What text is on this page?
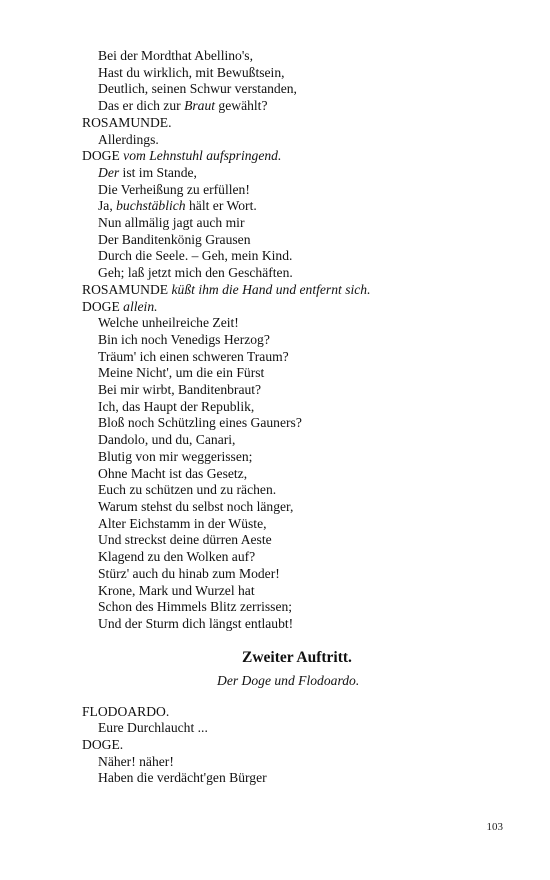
Bei der Mordthat Abellino's,
Hast du wirklich, mit Bewußtsein,
Deutlich, seinen Schwur verstanden,
Das er dich zur Braut gewählt?
ROSAMUNDE.
Allerdings.
DOGE vom Lehnstuhl aufspringend.
Der ist im Stande,
Die Verheißung zu erfüllen!
Ja, buchstäblich hält er Wort.
Nun allmälig jagt auch mir
Der Banditenkönig Grausen
Durch die Seele. – Geh, mein Kind.
Geh; laß jetzt mich den Geschäften.
ROSAMUNDE küßt ihm die Hand und entfernt sich.
DOGE allein.
Welche unheilreiche Zeit!
Bin ich noch Venedigs Herzog?
Träum' ich einen schweren Traum?
Meine Nicht', um die ein Fürst
Bei mir wirbt, Banditenbraut?
Ich, das Haupt der Republik,
Bloß noch Schützling eines Gauners?
Dandolo, und du, Canari,
Blutig von mir weggerissen;
Ohne Macht ist das Gesetz,
Euch zu schützen und zu rächen.
Warum stehst du selbst noch länger,
Alter Eichstamm in der Wüste,
Und streckst deine dürren Aeste
Klagend zu den Wolken auf?
Stürz' auch du hinab zum Moder!
Krone, Mark und Wurzel hat
Schon des Himmels Blitz zerrissen;
Und der Sturm dich längst entlaubt!
Zweiter Auftritt.
Der Doge und Flodoardo.
FLODOARDO.
Eure Durchlaucht ...
DOGE.
Näher! näher!
Haben die verdächt'gen Bürger
103
